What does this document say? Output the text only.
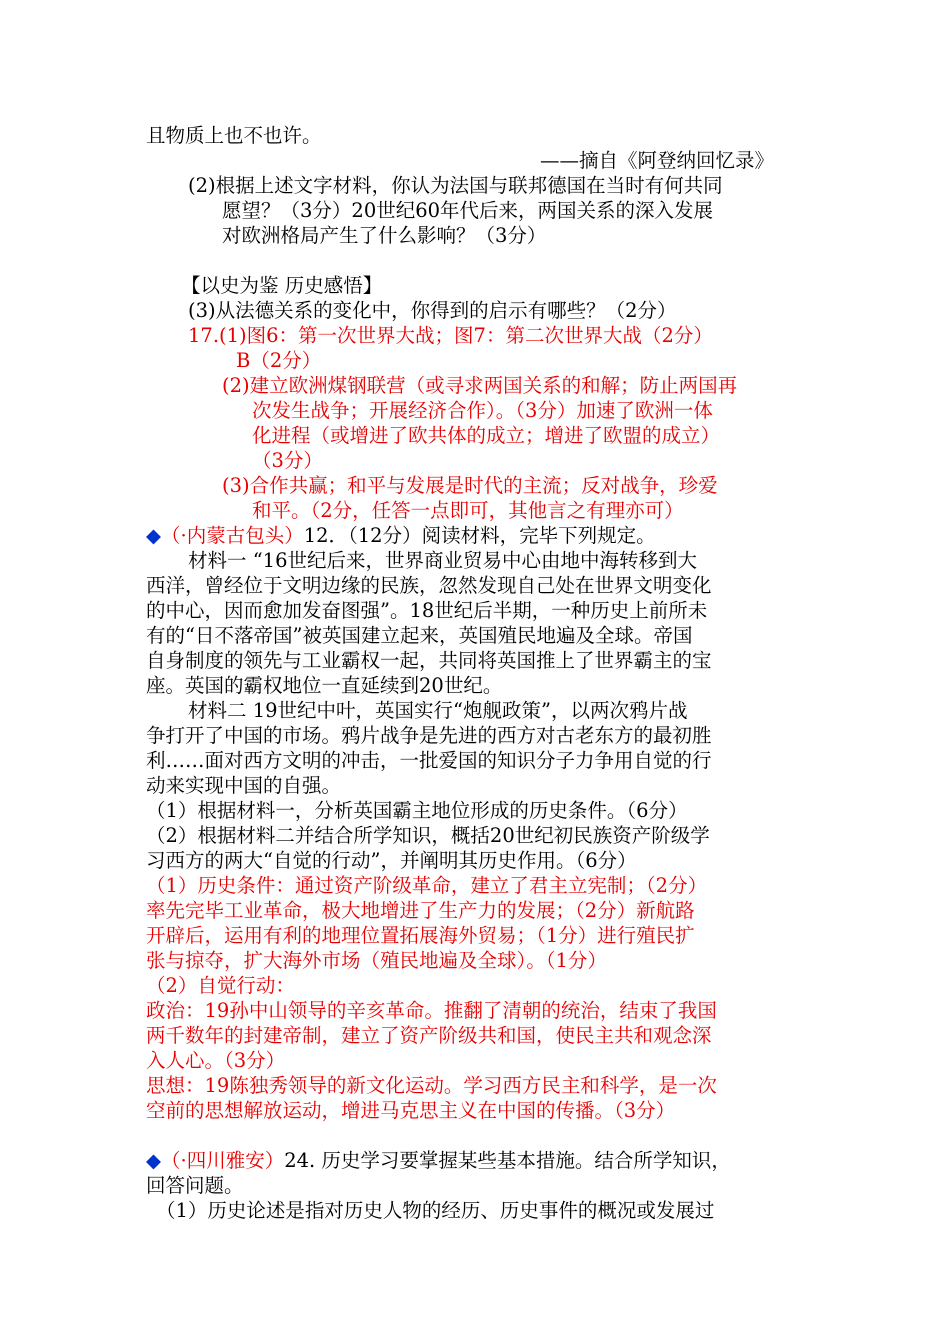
且物质上也不也许。
——摘自《阿登纳回忆录》
(2)根据上述文字材料，你认为法国与联邦德国在当时有何共同
愿望？（3分）20世纪60年代后来，两国关系的深入发展
对欧洲格局产生了什么影响？（3分）
【以史为鉴 历史感悟】
(3)从法德关系的变化中，你得到的启示有哪些？（2分）
17.(1)图6：第一次世界大战；图7：第二次世界大战（2分）
B（2分）
(2)建立欧洲煤钢联营（或寻求两国关系的和解；防止两国再
次发生战争；开展经济合作）。（3分）加速了欧洲一体
化进程（或增进了欧共体的成立；增进了欧盟的成立）
（3分）
(3)合作共赢；和平与发展是时代的主流；反对战争，珍爱
和平。（2分，任答一点即可，其他言之有理亦可）
◆（·内蒙古包头）12．（12分）阅读材料，完毕下列规定。
材料一 “16世纪后来，世界商业贸易中心由地中海转移到大
西洋，曾经位于文明边缘的民族，忽然发现自己处在世界文明变化
的中心，因而愈加发奋图强”。18世纪后半期，一种历史上前所未
有的“日不落帝国”被英国建立起来，英国殖民地遍及全球。帝国
自身制度的领先与工业霸权一起，共同将英国推上了世界霸主的宝
座。英国的霸权地位一直延续到20世纪。
材料二 19世纪中叶，英国实行“炮舰政策”，以两次鸦片战
争打开了中国的市场。鸦片战争是先进的西方对古老东方的最初胜
利……面对西方文明的冲击，一批爱国的知识分子力争用自觉的行
动来实现中国的自强。
（1）根据材料一，分析英国霸主地位形成的历史条件。（6分）
（2）根据材料二并结合所学知识，概括20世纪初民族资产阶级学
习西方的两大“自觉的行动”，并阐明其历史作用。（6分）
（1）历史条件：通过资产阶级革命，建立了君主立宪制；（2分）
率先完毕工业革命，极大地增进了生产力的发展；（2分）新航路
开辟后，运用有利的地理位置拓展海外贸易；（1分）进行殖民扩
张与掠夺，扩大海外市场（殖民地遍及全球）。（1分）
（2）自觉行动：
政治：19孙中山领导的辛亥革命。推翻了清朝的统治，结束了我国
两千数年的封建帝制，建立了资产阶级共和国，使民主共和观念深
入人心。（3分）
思想：19陈独秀领导的新文化运动。学习西方民主和科学，是一次
空前的思想解放运动，增进马克思主义在中国的传播。（3分）
◆（·四川雅安）24. 历史学习要掌握某些基本措施。结合所学知识，
回答问题。
（1）历史论述是指对历史人物的经历、历史事件的概况或发展过
